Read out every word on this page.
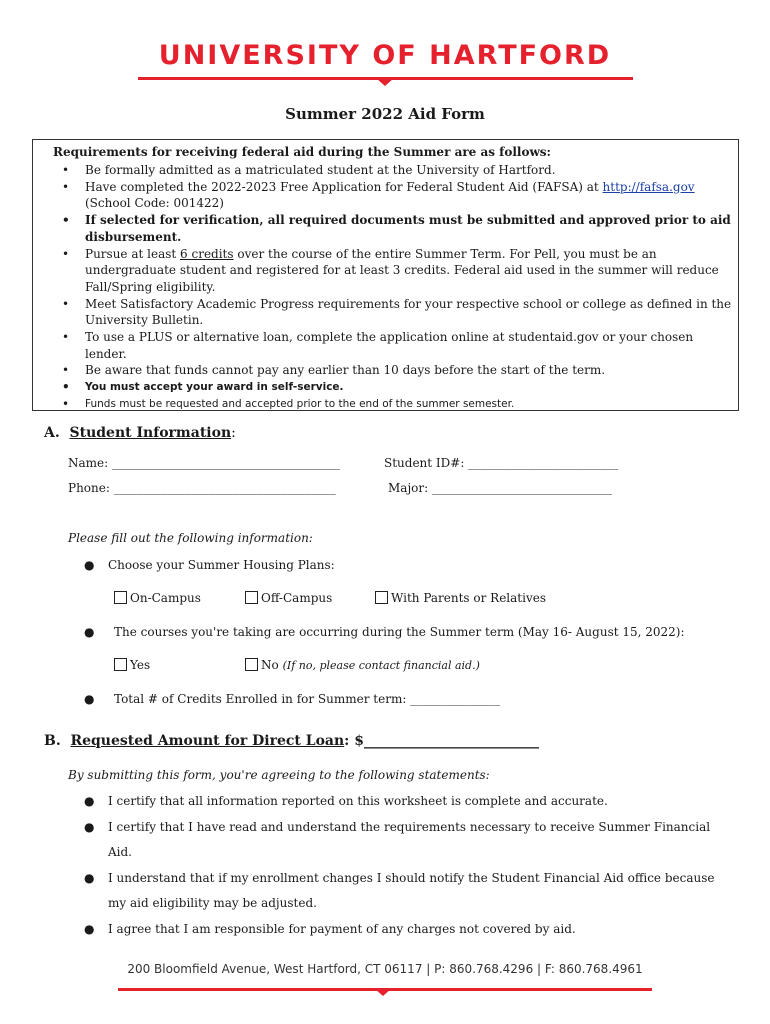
UNIVERSITY OF HARTFORD
Summer 2022 Aid Form
Requirements for receiving federal aid during the Summer are as follows:
• Be formally admitted as a matriculated student at the University of Hartford.
• Have completed the 2022-2023 Free Application for Federal Student Aid (FAFSA) at http://fafsa.gov
(School Code: 001422)
• If selected for verification, all required documents must be submitted and approved prior to aid disbursement.
• Pursue at least 6 credits over the course of the entire Summer Term. For Pell, you must be an undergraduate student and registered for at least 3 credits. Federal aid used in the summer will reduce Fall/Spring eligibility.
• Meet Satisfactory Academic Progress requirements for your respective school or college as defined in the University Bulletin.
• To use a PLUS or alternative loan, complete the application online at studentaid.gov or your chosen lender.
• Be aware that funds cannot pay any earlier than 10 days before the start of the term.
• You must accept your award in self-service.
• Funds must be requested and accepted prior to the end of the summer semester.
A. Student Information:
Name: ______________________________________	Student ID#: _________________________
Phone: _____________________________________	Major: ______________________________
Please fill out the following information:
● Choose your Summer Housing Plans:
On-Campus	Off-Campus	With Parents or Relatives
● The courses you're taking are occurring during the Summer term (May 16- August 15, 2022):
Yes	No (If no, please contact financial aid.)
● Total # of Credits Enrolled in for Summer term: _______________
B. Requested Amount for Direct Loan: $_________________________
By submitting this form, you're agreeing to the following statements:
● I certify that all information reported on this worksheet is complete and accurate.
● I certify that I have read and understand the requirements necessary to receive Summer Financial
Aid.
● I understand that if my enrollment changes I should notify the Student Financial Aid office because
my aid eligibility may be adjusted.
● I agree that I am responsible for payment of any charges not covered by aid.
200 Bloomfield Avenue, West Hartford, CT 06117 | P: 860.768.4296 | F: 860.768.4961
